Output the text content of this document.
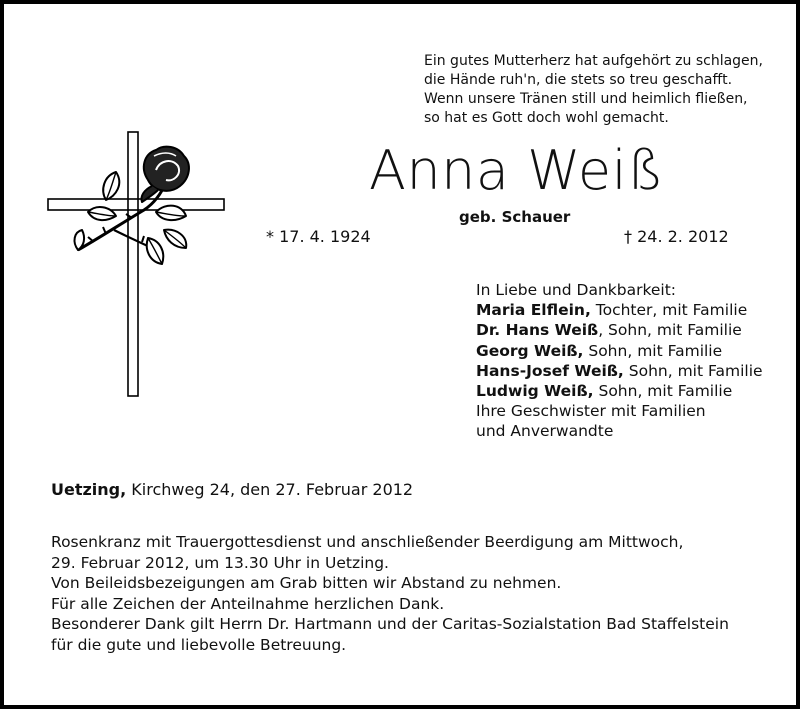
Ein gutes Mutterherz hat aufgehört zu schlagen,
die Hände ruh'n, die stets so treu geschafft.
Wenn unsere Tränen still und heimlich fließen,
so hat es Gott doch wohl gemacht.
Anna Weiß
geb. Schauer
* 17. 4. 1924	† 24. 2. 2012
In Liebe und Dankbarkeit:
Maria Elflein, Tochter, mit Familie
Dr. Hans Weiß, Sohn, mit Familie
Georg Weiß, Sohn, mit Familie
Hans-Josef Weiß, Sohn, mit Familie
Ludwig Weiß, Sohn, mit Familie
Ihre Geschwister mit Familien
und Anverwandte
Uetzing, Kirchweg 24, den 27. Februar 2012
Rosenkranz mit Trauergottesdienst und anschließender Beerdigung am Mittwoch,
29. Februar 2012, um 13.30 Uhr in Uetzing.
Von Beileidsbezeigungen am Grab bitten wir Abstand zu nehmen.
Für alle Zeichen der Anteilnahme herzlichen Dank.
Besonderer Dank gilt Herrn Dr. Hartmann und der Caritas-Sozialstation Bad Staffelstein
für die gute und liebevolle Betreuung.
